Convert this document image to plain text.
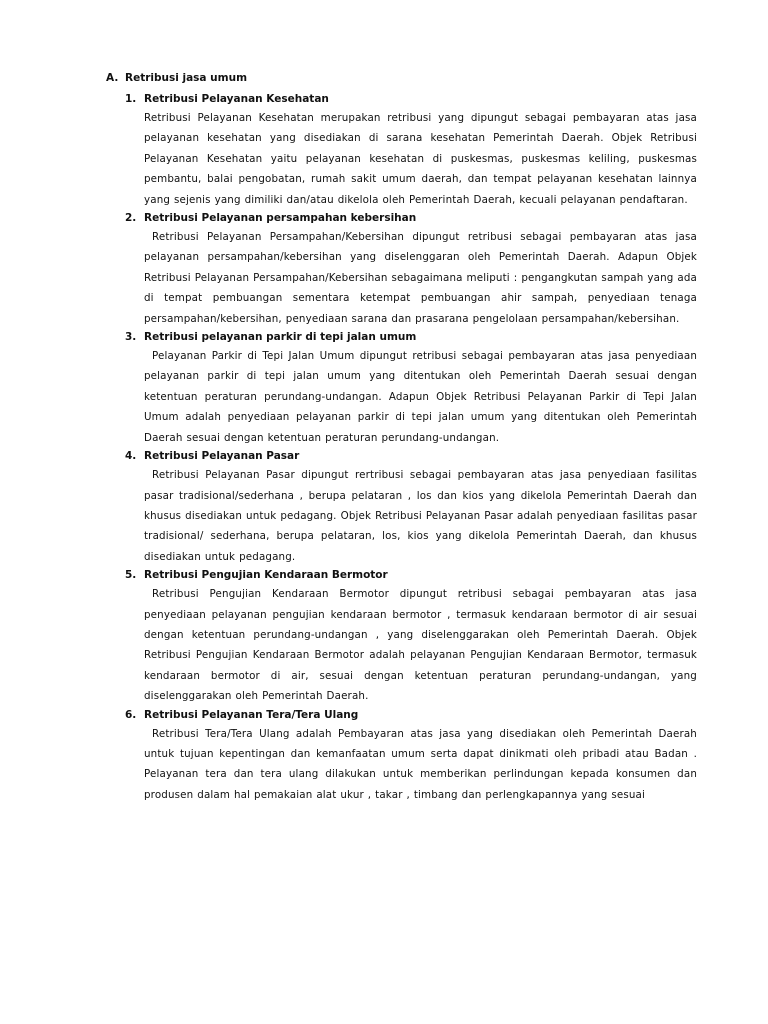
A. Retribusi jasa umum
1. Retribusi Pelayanan Kesehatan
Retribusi Pelayanan Kesehatan merupakan retribusi yang dipungut sebagai pembayaran atas jasa pelayanan kesehatan yang disediakan di sarana kesehatan Pemerintah Daerah. Objek Retribusi Pelayanan Kesehatan yaitu pelayanan kesehatan di puskesmas, puskesmas keliling, puskesmas pembantu, balai pengobatan, rumah sakit umum daerah, dan tempat pelayanan kesehatan lainnya yang sejenis yang dimiliki dan/atau dikelola oleh Pemerintah Daerah, kecuali pelayanan pendaftaran.
2. Retribusi Pelayanan persampahan kebersihan
Retribusi Pelayanan Persampahan/Kebersihan dipungut retribusi sebagai pembayaran atas jasa pelayanan persampahan/kebersihan yang diselenggaran oleh Pemerintah Daerah. Adapun Objek Retribusi Pelayanan Persampahan/Kebersihan sebagaimana meliputi : pengangkutan sampah yang ada di tempat pembuangan sementara ketempat pembuangan ahir sampah, penyediaan tenaga persampahan/kebersihan, penyediaan sarana dan prasarana pengelolaan persampahan/kebersihan.
3. Retribusi pelayanan parkir di tepi jalan umum
Pelayanan Parkir di Tepi Jalan Umum dipungut retribusi sebagai pembayaran atas jasa penyediaan pelayanan parkir di tepi jalan umum yang ditentukan oleh Pemerintah Daerah sesuai dengan ketentuan peraturan perundang-undangan. Adapun Objek Retribusi Pelayanan Parkir di Tepi Jalan Umum adalah penyediaan pelayanan parkir di tepi jalan umum yang ditentukan oleh Pemerintah Daerah sesuai dengan ketentuan peraturan perundang-undangan.
4. Retribusi Pelayanan Pasar
Retribusi Pelayanan Pasar dipungut rertribusi sebagai pembayaran atas jasa penyediaan fasilitas pasar tradisional/sederhana , berupa pelataran , los dan kios yang dikelola Pemerintah Daerah dan khusus disediakan untuk pedagang. Objek Retribusi Pelayanan Pasar adalah penyediaan fasilitas pasar tradisional/ sederhana, berupa pelataran, los, kios yang dikelola Pemerintah Daerah, dan khusus disediakan untuk pedagang.
5. Retribusi Pengujian Kendaraan Bermotor
Retribusi Pengujian Kendaraan Bermotor dipungut retribusi sebagai pembayaran atas jasa penyediaan pelayanan pengujian kendaraan bermotor , termasuk kendaraan bermotor di air sesuai dengan ketentuan perundang-undangan , yang diselenggarakan oleh Pemerintah Daerah. Objek Retribusi Pengujian Kendaraan Bermotor adalah pelayanan Pengujian Kendaraan Bermotor, termasuk kendaraan bermotor di air, sesuai dengan ketentuan peraturan perundang-undangan, yang diselenggarakan oleh Pemerintah Daerah.
6. Retribusi Pelayanan Tera/Tera Ulang
Retribusi Tera/Tera Ulang adalah Pembayaran atas jasa yang disediakan oleh Pemerintah Daerah untuk tujuan kepentingan dan kemanfaatan umum serta dapat dinikmati oleh pribadi atau Badan . Pelayanan tera dan tera ulang dilakukan untuk memberikan perlindungan kepada konsumen dan produsen dalam hal pemakaian alat ukur , takar , timbang dan perlengkapannya yang sesuai
